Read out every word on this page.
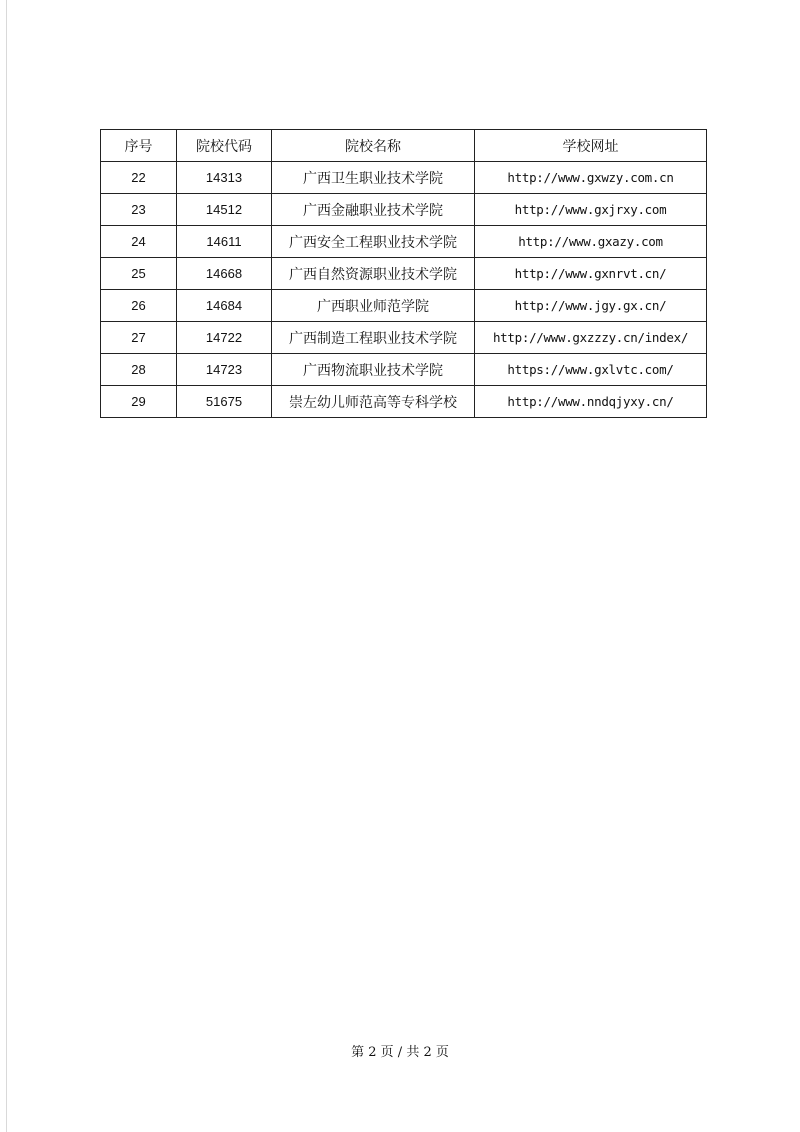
序号	院校代码	院校名称	学校网址
22	14313	广西卫生职业技术学院	http://www.gxwzy.com.cn
23	14512	广西金融职业技术学院	http://www.gxjrxy.com
24	14611	广西安全工程职业技术学院	http://www.gxazy.com
25	14668	广西自然资源职业技术学院	http://www.gxnrvt.cn/
26	14684	广西职业师范学院	http://www.jgy.gx.cn/
27	14722	广西制造工程职业技术学院	http://www.gxzzzy.cn/index/
28	14723	广西物流职业技术学院	https://www.gxlvtc.com/
29	51675	崇左幼儿师范高等专科学校	http://www.nndqjyxy.cn/
第 2 页 / 共 2 页
